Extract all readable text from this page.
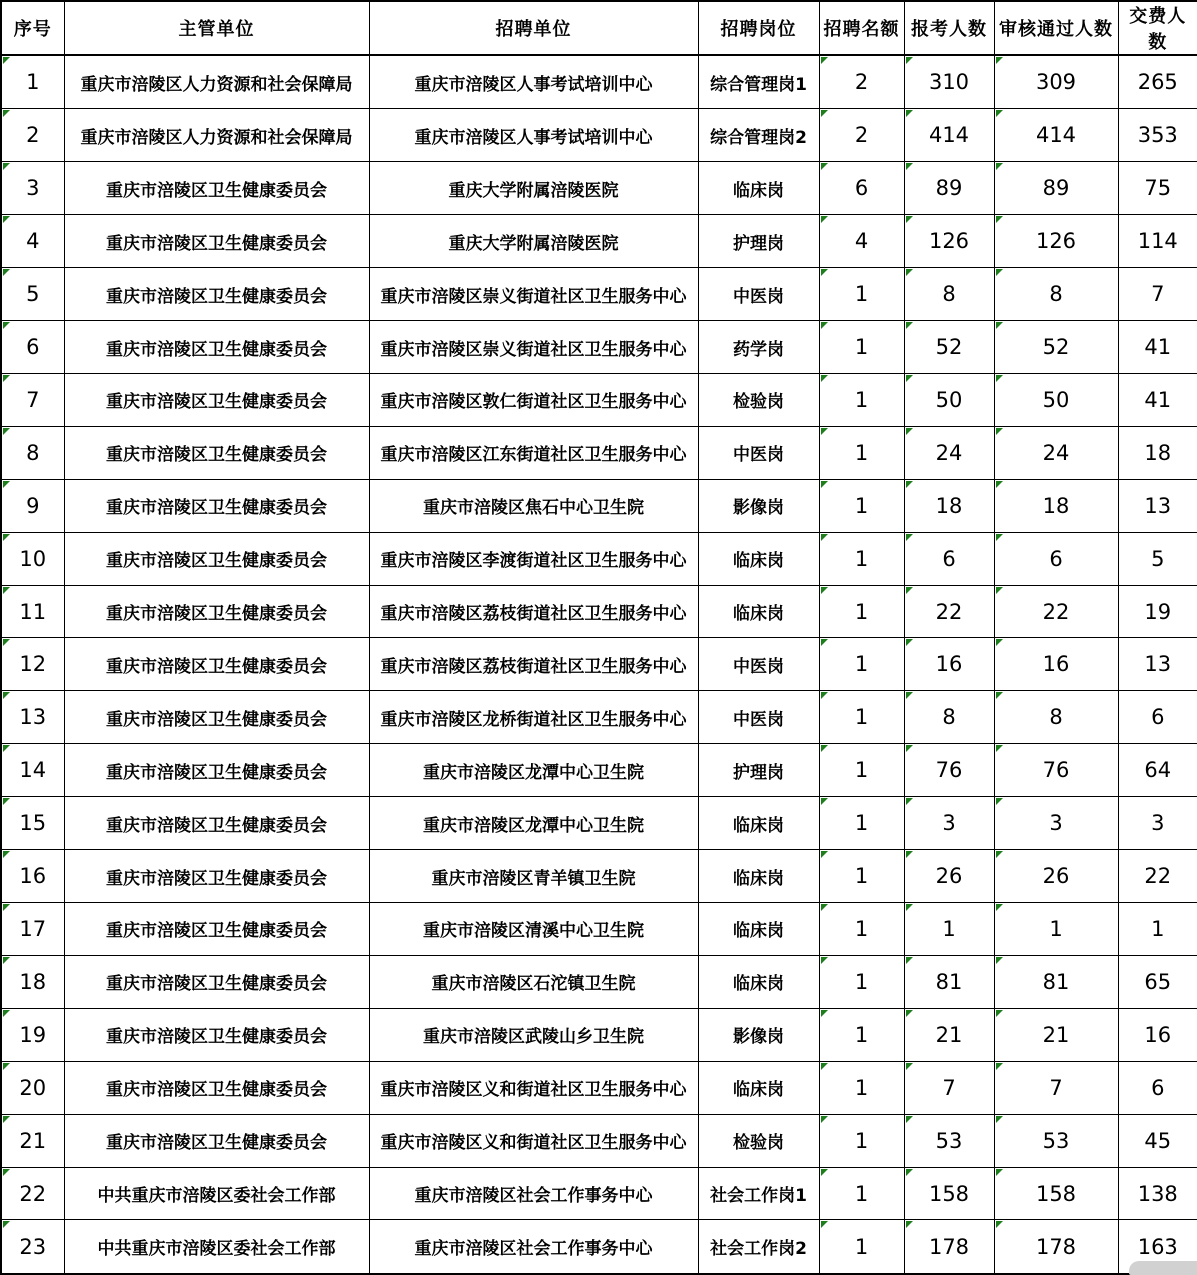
序号	主管单位	招聘单位	招聘岗位	招聘名额	报考人数	审核通过人数	交费人数
1	重庆市涪陵区人力资源和社会保障局	重庆市涪陵区人事考试培训中心	综合管理岗1	2	310	309	265
2	重庆市涪陵区人力资源和社会保障局	重庆市涪陵区人事考试培训中心	综合管理岗2	2	414	414	353
3	重庆市涪陵区卫生健康委员会	重庆大学附属涪陵医院	临床岗	6	89	89	75
4	重庆市涪陵区卫生健康委员会	重庆大学附属涪陵医院	护理岗	4	126	126	114
5	重庆市涪陵区卫生健康委员会	重庆市涪陵区崇义街道社区卫生服务中心	中医岗	1	8	8	7
6	重庆市涪陵区卫生健康委员会	重庆市涪陵区崇义街道社区卫生服务中心	药学岗	1	52	52	41
7	重庆市涪陵区卫生健康委员会	重庆市涪陵区敦仁街道社区卫生服务中心	检验岗	1	50	50	41
8	重庆市涪陵区卫生健康委员会	重庆市涪陵区江东街道社区卫生服务中心	中医岗	1	24	24	18
9	重庆市涪陵区卫生健康委员会	重庆市涪陵区焦石中心卫生院	影像岗	1	18	18	13
10	重庆市涪陵区卫生健康委员会	重庆市涪陵区李渡街道社区卫生服务中心	临床岗	1	6	6	5
11	重庆市涪陵区卫生健康委员会	重庆市涪陵区荔枝街道社区卫生服务中心	临床岗	1	22	22	19
12	重庆市涪陵区卫生健康委员会	重庆市涪陵区荔枝街道社区卫生服务中心	中医岗	1	16	16	13
13	重庆市涪陵区卫生健康委员会	重庆市涪陵区龙桥街道社区卫生服务中心	中医岗	1	8	8	6
14	重庆市涪陵区卫生健康委员会	重庆市涪陵区龙潭中心卫生院	护理岗	1	76	76	64
15	重庆市涪陵区卫生健康委员会	重庆市涪陵区龙潭中心卫生院	临床岗	1	3	3	3
16	重庆市涪陵区卫生健康委员会	重庆市涪陵区青羊镇卫生院	临床岗	1	26	26	22
17	重庆市涪陵区卫生健康委员会	重庆市涪陵区清溪中心卫生院	临床岗	1	1	1	1
18	重庆市涪陵区卫生健康委员会	重庆市涪陵区石沱镇卫生院	临床岗	1	81	81	65
19	重庆市涪陵区卫生健康委员会	重庆市涪陵区武陵山乡卫生院	影像岗	1	21	21	16
20	重庆市涪陵区卫生健康委员会	重庆市涪陵区义和街道社区卫生服务中心	临床岗	1	7	7	6
21	重庆市涪陵区卫生健康委员会	重庆市涪陵区义和街道社区卫生服务中心	检验岗	1	53	53	45
22	中共重庆市涪陵区委社会工作部	重庆市涪陵区社会工作事务中心	社会工作岗1	1	158	158	138
23	中共重庆市涪陵区委社会工作部	重庆市涪陵区社会工作事务中心	社会工作岗2	1	178	178	163
